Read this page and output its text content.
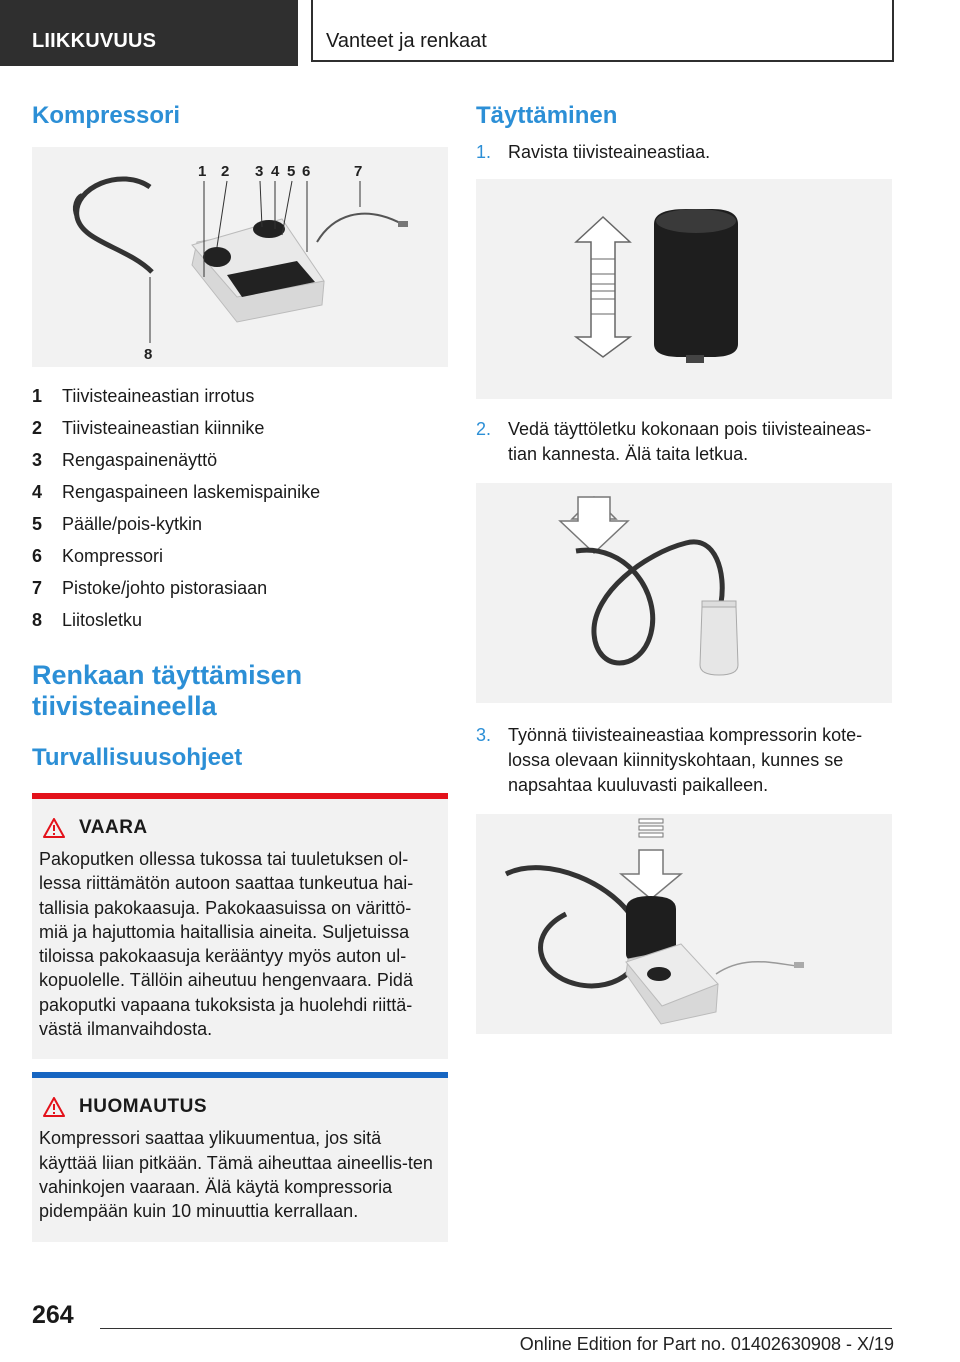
LIIKKUVUUS	Vanteet ja renkaat
Kompressori
1 2 3 4 5 6	7
8
1	Tiivisteaineastian irrotus
2	Tiivisteaineastian kiinnike
3	Rengaspainenäyttö
4	Rengaspaineen laskemispainike
5	Päälle/pois-kytkin
6	Kompressori
7	Pistoke/johto pistorasiaan
8	Liitosletku
Renkaan täyttämisen
tiivisteaineella
Turvallisuusohjeet
VAARA

Pakoputken ollessa tukossa tai tuuletuksen ol-lessa riittämätön autoon saattaa tunkeutua hai-tallisia pakokaasuja. Pakokaasuissa on värittö-miä ja hajuttomia haitallisia aineita. Suljetuissa tiloissa pakokaasuja kerääntyy myös auton ul-kopuolelle. Tällöin aiheutuu hengenvaara. Pidä pakoputki vapaana tukoksista ja huolehdi riittä-västä ilmanvaihdosta.

HUOMAUTUS

Kompressori saattaa ylikuumentua, jos sitä käyttää liian pitkään. Tämä aiheuttaa aineellis-ten vahinkojen vaaraan. Älä käytä kompressoria pidempään kuin 10 minuuttia kerrallaan.

Täyttäminen
1. Ravista tiivisteaineastiaa.
2. Vedä täyttöletku kokonaan pois tiivisteaineas-tian kannesta. Älä taita letkua.
3. Työnnä tiivisteaineastiaa kompressorin kote-lossa olevaan kiinnityskohtaan, kunnes se napsahtaa kuuluvasti paikalleen.
264
Online Edition for Part no. 01402630908 - X/19
